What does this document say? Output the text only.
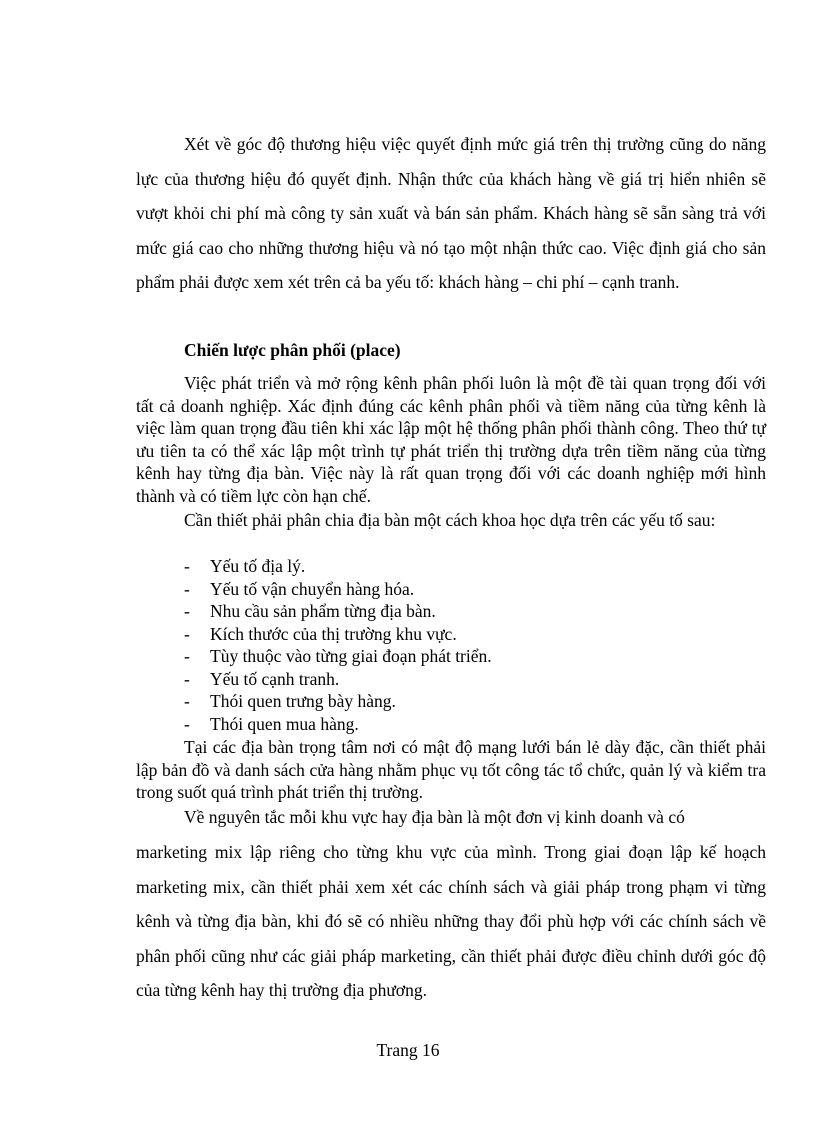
Xét về góc độ thương hiệu việc quyết định mức giá trên thị trường cũng do năng lực của thương hiệu đó quyết định. Nhận thức của khách hàng về giá trị hiển nhiên sẽ vượt khỏi chi phí mà công ty sản xuất và bán sản phẩm. Khách hàng sẽ sẵn sàng trả với mức giá cao cho những thương hiệu và nó tạo một nhận thức cao. Việc định giá cho sản phẩm phải được xem xét trên cả ba yếu tố: khách hàng – chi phí – cạnh tranh.

Chiến lược phân phối (place)

Việc phát triển và mở rộng kênh phân phối luôn là một đề tài quan trọng đối với tất cả doanh nghiệp. Xác định đúng các kênh phân phối và tiềm năng của từng kênh là việc làm quan trọng đầu tiên khi xác lập một hệ thống phân phối thành công. Theo thứ tự ưu tiên ta có thể xác lập một trình tự phát triển thị trường dựa trên tiềm năng của từng kênh hay từng địa bàn. Việc này là rất quan trọng đối với các doanh nghiệp mới hình thành và có tiềm lực còn hạn chế.

Cần thiết phải phân chia địa bàn một cách khoa học dựa trên các yếu tố sau:

- Yếu tố địa lý.
- Yếu tố vận chuyển hàng hóa.
- Nhu cầu sản phẩm từng địa bàn.
- Kích thước của thị trường khu vực.
- Tùy thuộc vào từng giai đoạn phát triển.
- Yếu tố cạnh tranh.
- Thói quen trưng bày hàng.
- Thói quen mua hàng.

Tại các địa bàn trọng tâm nơi có mật độ mạng lưới bán lẻ dày đặc, cần thiết phải lập bản đồ và danh sách cửa hàng nhằm phục vụ tốt công tác tổ chức, quản lý và kiểm tra trong suốt quá trình phát triển thị trường.

Về nguyên tắc mỗi khu vực hay địa bàn là một đơn vị kinh doanh và có

marketing mix lập riêng cho từng khu vực của mình. Trong giai đoạn lập kế hoạch marketing mix, cần thiết phải xem xét các chính sách và giải pháp trong phạm vi từng kênh và từng địa bàn, khi đó sẽ có nhiều những thay đổi phù hợp với các chính sách về phân phối cũng như các giải pháp marketing, cần thiết phải được điều chỉnh dưới góc độ của từng kênh hay thị trường địa phương.

Trang 16
